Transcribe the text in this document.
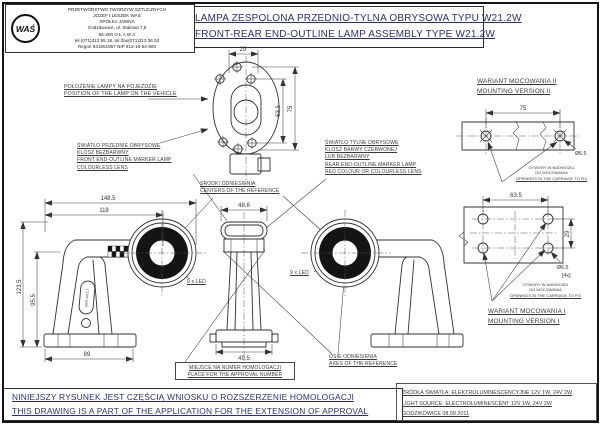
29
63.5 75
WAŚ W21.2
148.5
118
123.5
95.5
89
48.6
49.5
75
Ø6.5
63.5
29
Ø6.5
[4x]
WAŚ
PRZETWÓRSTWO TWORZYW SZTUCZNYCH
JÓZEF I LESZEK WAŚ
SPÓŁKA JAWNA
Godzikowice, ul. Stalowa 7,9
55-200 O Ł A W A
tel.(071)313 95 18, tel./fax(071)313 36 52
Regon 931951967 NIP 912-18-54-900
LAMPA ZESPOLONA PRZEDNIO-TYLNA OBRYSOWA TYPU W21.2W
FRONT-REAR END-OUTLINE LAMP ASSEMBLY TYPE W21.2W
POŁOŻENIE LAMPY NA POJEŹDZIE
POSITION OF THE LAMP ON THE VEHICLE
ŚWIATŁO PRZEDNIE OBRYSOWE
KLOSZ BEZBARWNY
FRONT END-OUTLINE MARKER LAMP
COLOURLESS LENS
ŚWIATŁO TYLNE OBRYSOWE
KLOSZ BARWY CZERWONEJ
LUB BEZBARWNY
REAR END-OUTLINE MARKER LAMP
RED COLOUR OR COLOURLESS LENS
ŚRODKI ODNIESIENIA
CENTERS OF THE REFERENCE
9 x LED
9 x LED
OSIE ODNIESIENIA
AXES OF THE REFERENCE
MIEJSCE NA NUMER HOMOLOGACJI
PLACE FOR THE APPROVAL NUMBER
WARIANT MOCOWANIA II
MOUNTING VERSION II
OTWORY W NADWOZIU
DO MOCOWANIA
OPENINGS IN THE CARRIAGE TO FIX
OTWORY W NADWOZIU
DO MOCOWANIA
OPENINGS IN THE CARRIAGE TO FIX
WARIANT MOCOWANIA I
MOUNTING VERSION I
NINIEJSZY RYSUNEK JEST CZĘŚCIĄ WNIOSKU O ROZSZERZENIE HOMOLOGACJI
THIS DRAWING IS A PART OF THE APPLICATION FOR THE EXTENSION OF APPROVAL
ŹRÓDŁA ŚWIATŁA: ELEKTROLUMINESCENCYJNE 12V 1W, 24V 2W
LIGHT SOURCE: ELECTROLUMINESCENT 12V 1W, 24V 2W
GODZIKOWICE 08.09.2011
